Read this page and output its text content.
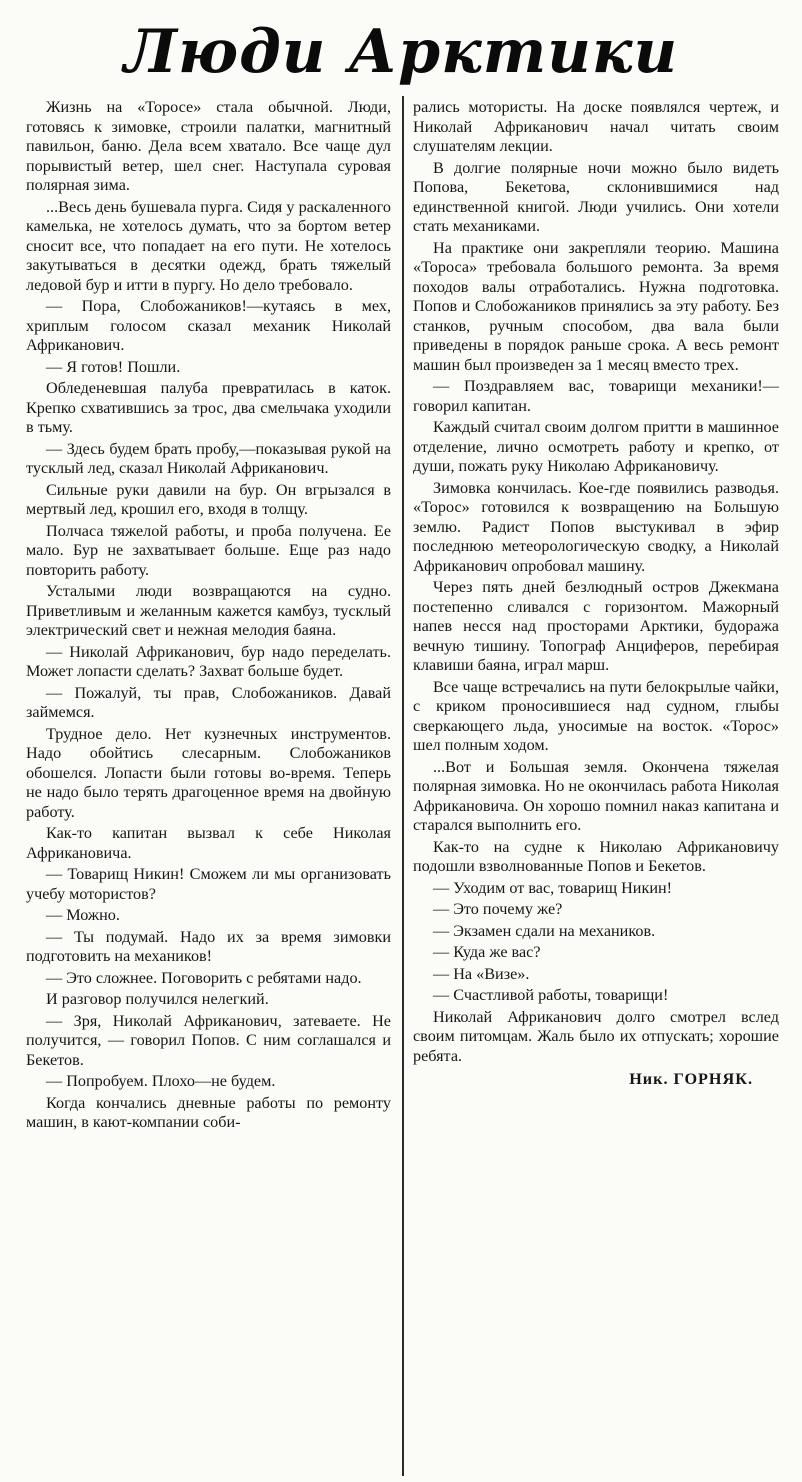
Люди Арктики

Жизнь на «Торосе» стала обычной. Люди, готовясь к зимовке, строили палатки, магнитный павильон, баню. Дела всем хватало. Все чаще дул порывистый ветер, шел снег. Наступала суровая полярная зима.

...Весь день бушевала пурга. Сидя у раскаленного камелька, не хотелось думать, что за бортом ветер сносит все, что попадает на его пути. Не хотелось закутываться в десятки одежд, брать тяжелый ледовой бур и итти в пургу. Но дело требовало.

— Пора, Слобожаников!—кутаясь в мех, хриплым голосом сказал механик Николай Африканович.

— Я готов! Пошли.

Обледеневшая палуба превратилась в каток. Крепко схватившись за трос, два смельчака уходили в тьму.

— Здесь будем брать пробу,—показывая рукой на тусклый лед, сказал Николай Африканович.

Сильные руки давили на бур. Он вгрызался в мертвый лед, крошил его, входя в толщу.

Полчаса тяжелой работы, и проба получена. Ее мало. Бур не захватывает больше. Еще раз надо повторить работу.

Усталыми люди возвращаются на судно. Приветливым и желанным кажется камбуз, тусклый электрический свет и нежная мелодия баяна.

— Николай Африканович, бур надо переделать. Может лопасти сделать? Захват больше будет.

— Пожалуй, ты прав, Слобожаников. Давай займемся.

Трудное дело. Нет кузнечных инструментов. Надо обойтись слесарным. Слобожаников обошелся. Лопасти были готовы во-время. Теперь не надо было терять драгоценное время на двойную работу.

Как-то капитан вызвал к себе Николая Африкановича.

— Товарищ Никин! Сможем ли мы организовать учебу мотористов?

— Можно.

— Ты подумай. Надо их за время зимовки подготовить на механиков!

— Это сложнее. Поговорить с ребятами надо.

И разговор получился нелегкий.

— Зря, Николай Африканович, затеваете. Не получится, — говорил Попов. С ним соглашался и Бекетов.

— Попробуем. Плохо—не будем.

Когда кончались дневные работы по ремонту машин, в кают-компании соби-

рались мотористы. На доске появлялся чертеж, и Николай Африканович начал читать своим слушателям лекции.

В долгие полярные ночи можно было видеть Попова, Бекетова, склонившимися над единственной книгой. Люди учились. Они хотели стать механиками.

На практике они закрепляли теорию. Машина «Тороса» требовала большого ремонта. За время походов валы отработались. Нужна подготовка. Попов и Слобожаников принялись за эту работу. Без станков, ручным способом, два вала были приведены в порядок раньше срока. А весь ремонт машин был произведен за 1 месяц вместо трех.

— Поздравляем вас, товарищи механики!—говорил капитан.

Каждый считал своим долгом притти в машинное отделение, лично осмотреть работу и крепко, от души, пожать руку Николаю Африкановичу.

Зимовка кончилась. Кое-где появились разводья. «Торос» готовился к возвращению на Большую землю. Радист Попов выстукивал в эфир последнюю метеорологическую сводку, а Николай Африканович опробовал машину.

Через пять дней безлюдный остров Джекмана постепенно сливался с горизонтом. Мажорный напев несся над просторами Арктики, будоража вечную тишину. Топограф Анциферов, перебирая клавиши баяна, играл марш.

Все чаще встречались на пути белокрылые чайки, с криком проносившиеся над судном, глыбы сверкающего льда, уносимые на восток. «Торос» шел полным ходом.

...Вот и Большая земля. Окончена тяжелая полярная зимовка. Но не окончилась работа Николая Африкановича. Он хорошо помнил наказ капитана и старался выполнить его.

Как-то на судне к Николаю Африкановичу подошли взволнованные Попов и Бекетов.

— Уходим от вас, товарищ Никин!

— Это почему же?

— Экзамен сдали на механиков.

— Куда же вас?

— На «Визе».

— Счастливой работы, товарищи!

Николай Африканович долго смотрел вслед своим питомцам. Жаль было их отпускать; хорошие ребята.

Ник. ГОРНЯК.
